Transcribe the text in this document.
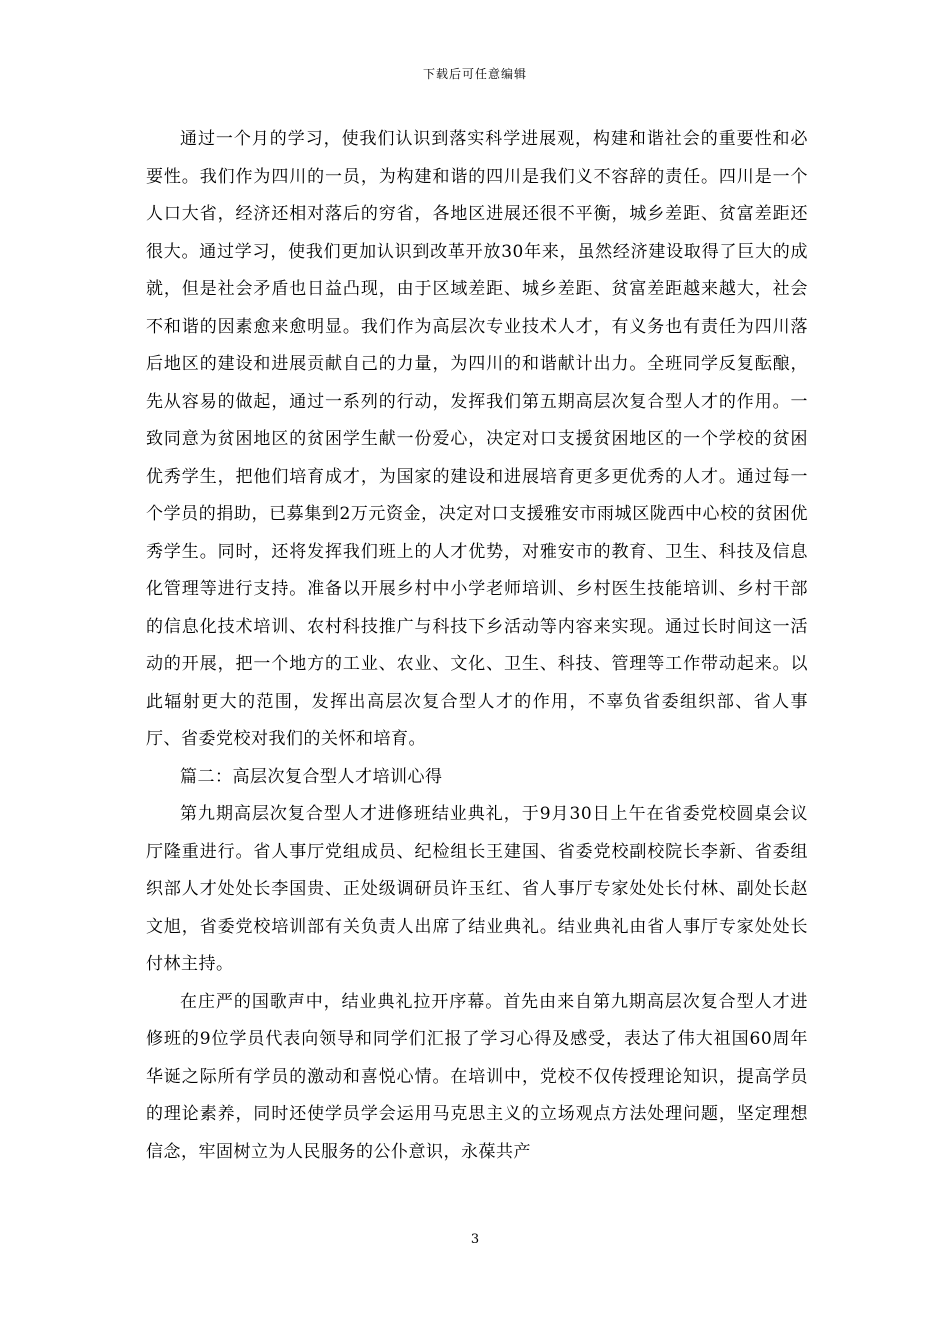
下载后可任意编辑

通过一个月的学习，使我们认识到落实科学进展观，构建和谐社会的重要性和必要性。我们作为四川的一员，为构建和谐的四川是我们义不容辞的责任。四川是一个人口大省，经济还相对落后的穷省，各地区进展还很不平衡，城乡差距、贫富差距还很大。通过学习，使我们更加认识到改革开放30年来，虽然经济建设取得了巨大的成就，但是社会矛盾也日益凸现，由于区域差距、城乡差距、贫富差距越来越大，社会不和谐的因素愈来愈明显。我们作为高层次专业技术人才，有义务也有责任为四川落后地区的建设和进展贡献自己的力量，为四川的和谐献计出力。全班同学反复酝酿，先从容易的做起，通过一系列的行动，发挥我们第五期高层次复合型人才的作用。一致同意为贫困地区的贫困学生献一份爱心，决定对口支援贫困地区的一个学校的贫困优秀学生，把他们培育成才，为国家的建设和进展培育更多更优秀的人才。通过每一个学员的捐助，已募集到2万元资金，决定对口支援雅安市雨城区陇西中心校的贫困优秀学生。同时，还将发挥我们班上的人才优势，对雅安市的教育、卫生、科技及信息化管理等进行支持。准备以开展乡村中小学老师培训、乡村医生技能培训、乡村干部的信息化技术培训、农村科技推广与科技下乡活动等内容来实现。通过长时间这一活动的开展，把一个地方的工业、农业、文化、卫生、科技、管理等工作带动起来。以此辐射更大的范围，发挥出高层次复合型人才的作用，不辜负省委组织部、省人事厅、省委党校对我们的关怀和培育。

篇二：高层次复合型人才培训心得

第九期高层次复合型人才进修班结业典礼，于9月30日上午在省委党校圆桌会议厅隆重进行。省人事厅党组成员、纪检组长王建国、省委党校副校院长李新、省委组织部人才处处长李国贵、正处级调研员许玉红、省人事厅专家处处长付林、副处长赵文旭，省委党校培训部有关负责人出席了结业典礼。结业典礼由省人事厅专家处处长付林主持。

在庄严的国歌声中，结业典礼拉开序幕。首先由来自第九期高层次复合型人才进修班的9位学员代表向领导和同学们汇报了学习心得及感受，表达了伟大祖国60周年华诞之际所有学员的激动和喜悦心情。在培训中，党校不仅传授理论知识，提高学员的理论素养，同时还使学员学会运用马克思主义的立场观点方法处理问题，坚定理想信念，牢固树立为人民服务的公仆意识，永葆共产

3
